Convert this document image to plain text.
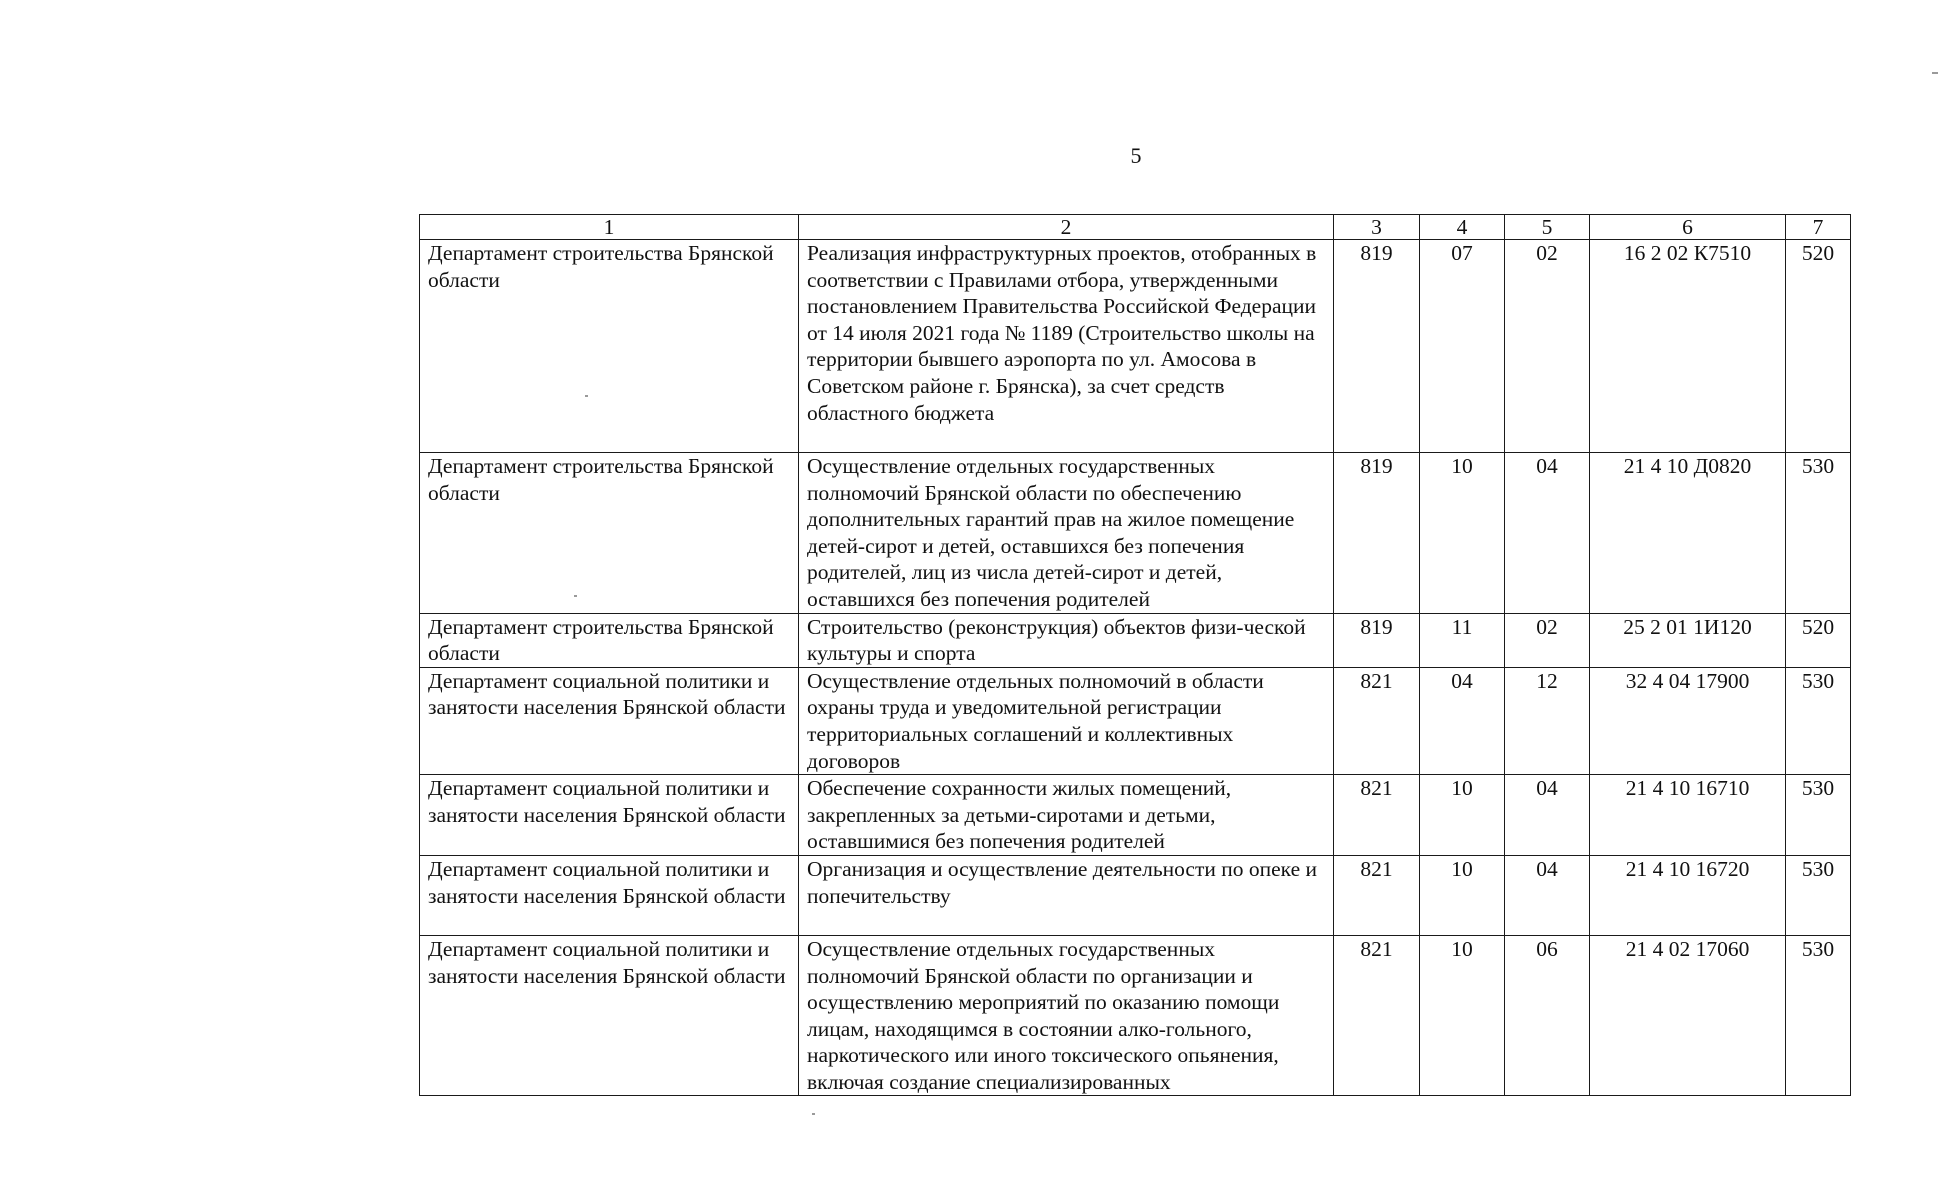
5
1	2	3	4	5	6	7
Департамент строительства Брянской области	Реализация инфраструктурных проектов, отобранных в соответствии с Правилами отбора, утвержденными постановлением Правительства Российской Федерации от 14 июля 2021 года № 1189 (Строительство школы на территории бывшего аэропорта по ул. Амосова в Советском районе г. Брянска), за счет средств областного бюджета	819	07	02	16 2 02 К7510	520
Департамент строительства Брянской области	Осуществление отдельных государственных полномочий Брянской области по обеспечению дополнительных гарантий прав на жилое помещение детей-сирот и детей, оставшихся без попечения родителей, лиц из числа детей-сирот и детей, оставшихся без попечения родителей	819	10	04	21 4 10 Д0820	530
Департамент строительства Брянской области	Строительство (реконструкция) объектов физи-ческой культуры и спорта	819	11	02	25 2 01 1И120	520
Департамент социальной политики и занятости населения Брянской области	Осуществление отдельных полномочий в области охраны труда и уведомительной регистрации территориальных соглашений и коллективных договоров	821	04	12	32 4 04 17900	530
Департамент социальной политики и занятости населения Брянской области	Обеспечение сохранности жилых помещений, закрепленных за детьми-сиротами и детьми, оставшимися без попечения родителей	821	10	04	21 4 10 16710	530
Департамент социальной политики и занятости населения Брянской области	Организация и осуществление деятельности по опеке и попечительству	821	10	04	21 4 10 16720	530
Департамент социальной политики и занятости населения Брянской области	Осуществление отдельных государственных полномочий Брянской области по организации и осуществлению мероприятий по оказанию помощи лицам, находящимся в состоянии алко-гольного, наркотического или иного токсического опьянения, включая создание специализированных	821	10	06	21 4 02 17060	530
